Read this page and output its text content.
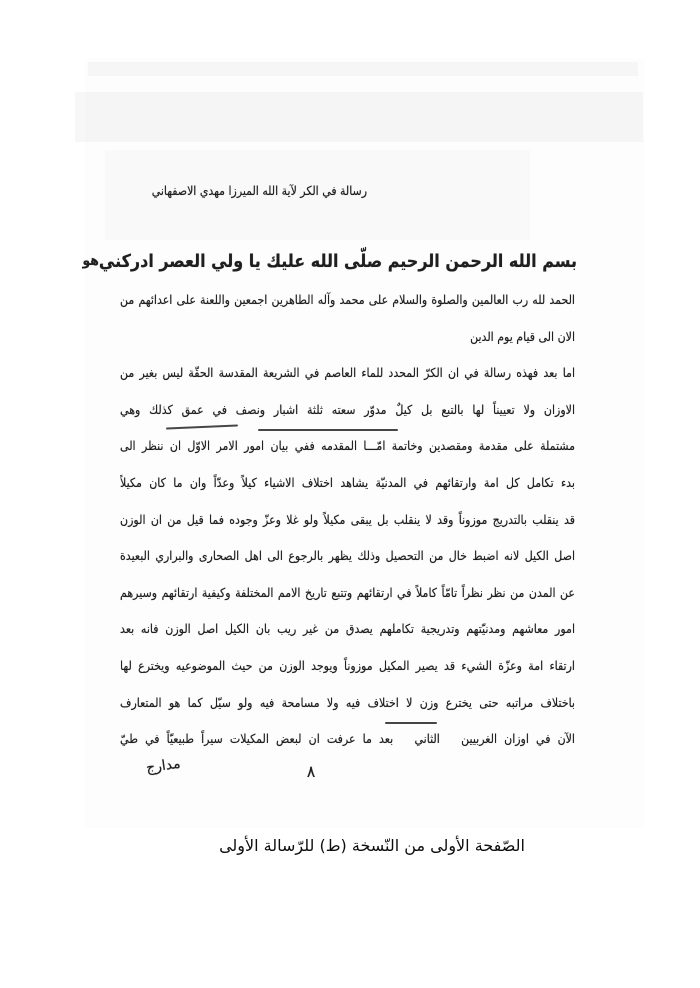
رسالة في الكر لآية الله الميرزا مهدي الاصفهاني
بسم الله الرحمن الرحيم صلّى الله عليك يا ولي العصر ادركني
هو
الحمد لله رب العالمين والصلوة والسلام على محمد وآله الطاهرين اجمعين واللعنة على اعدائهم من
الان الى قيام يوم الدين
اما بعد فهذه رسالة في ان الكرّ المحدد للماء العاصم في الشريعة المقدسة الحقّة ليس بغير من
الاوزان ولا تعييناً لها بالتبع بل كيلٌ مدوّر سعته ثلثة اشبار ونصف في عمق كذلك وهي
مشتملة على مقدمة ومقصدين وخاتمة امّـــا المقدمه ففي بيان امور الامر الاوّل ان ننظر الى
بدء تكامل كل امة وارتقائهم في المدنيّة يشاهد اختلاف الاشياء كيلاً وعدّاً وان ما كان مكيلاً
قد ينقلب بالتدريج موزوناً وقد لا ينقلب بل يبقى مكيلاً ولو غلا وعزّ وجوده فما قيل من ان الوزن
اصل الكيل لانه اضبط خال من التحصيل وذلك يظهر بالرجوع الى اهل الصحارى والبراري البعيدة
عن المدن من نظر نظراً تامّاً كاملاً في ارتقائهم وتتبع تاريخ الامم المختلفة وكيفية ارتقائهم وسيرهم
امور معاشهم ومدنيّتهم وتدريجية تكاملهم يصدق من غير ريب بان الكيل اصل الوزن فانه بعد
ارتقاء امة وعزّة الشيء قد يصير المكيل موزوناً ويوجد الوزن من حيث الموضوعيه ويخترع لها
باختلاف مراتبه حتى يخترع وزن لا اختلاف فيه ولا مسامحة فيه ولو سيّل كما هو المتعارف
الآن في اوزان الغربيين   الثاني   بعد ما عرفت ان لبعض المكيلات سيراً طبيعيّاً في طيّ
٨
مدارج
الصّفحة الأولى من النّسخة (ط) للرّسالة الأولى
